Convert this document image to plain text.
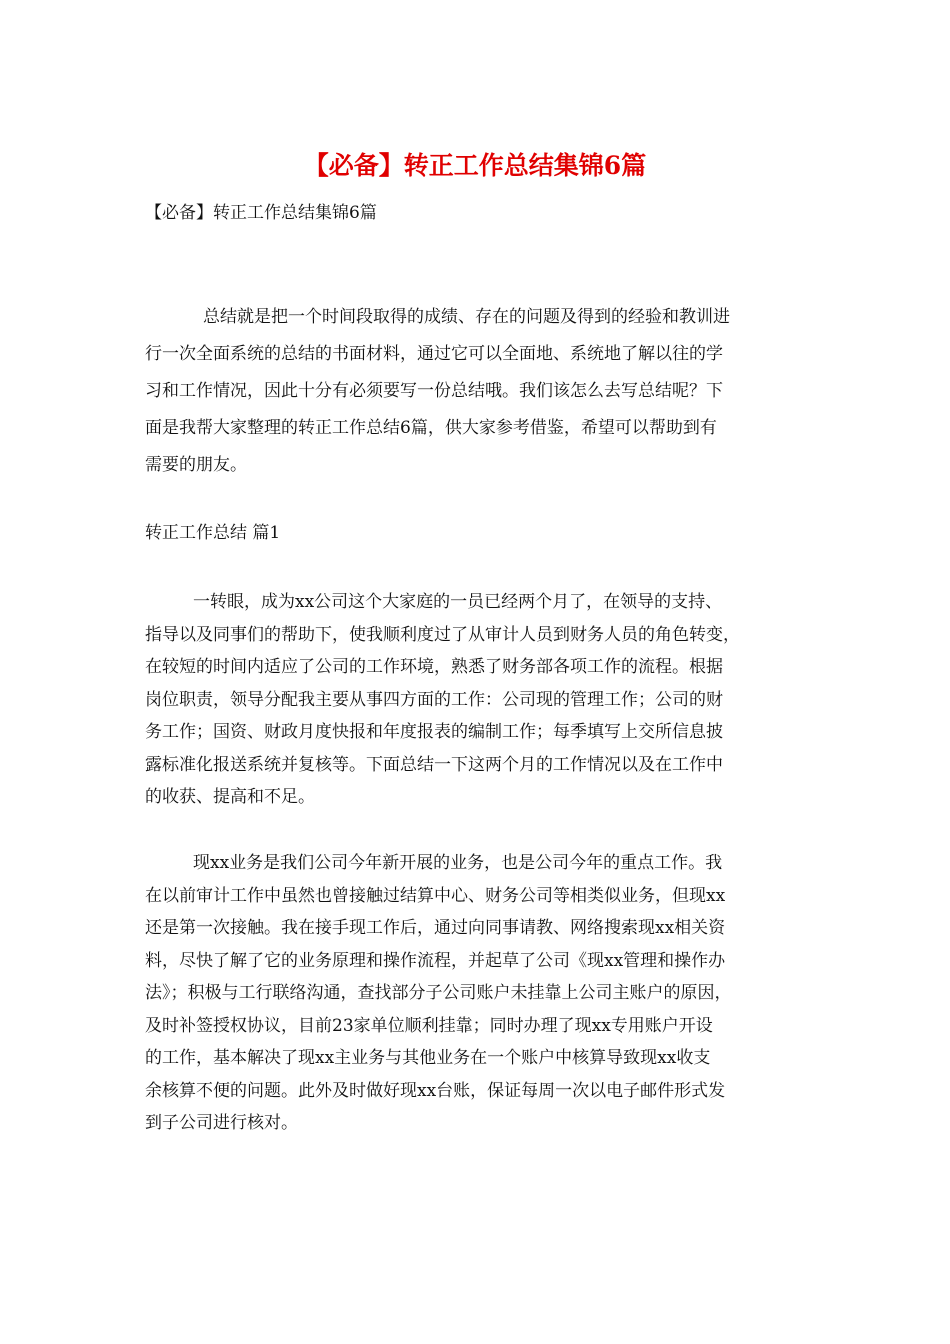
【必备】转正工作总结集锦6篇
【必备】转正工作总结集锦6篇
总结就是把一个时间段取得的成绩、存在的问题及得到的经验和教训进
行一次全面系统的总结的书面材料，通过它可以全面地、系统地了解以往的学
习和工作情况，因此十分有必须要写一份总结哦。我们该怎么去写总结呢？下
面是我帮大家整理的转正工作总结6篇，供大家参考借鉴，希望可以帮助到有
需要的朋友。
转正工作总结 篇1
一转眼，成为xx公司这个大家庭的一员已经两个月了，在领导的支持、
指导以及同事们的帮助下，使我顺利度过了从审计人员到财务人员的角色转变，
在较短的时间内适应了公司的工作环境，熟悉了财务部各项工作的流程。根据
岗位职责，领导分配我主要从事四方面的工作：公司现的管理工作；公司的财
务工作；国资、财政月度快报和年度报表的编制工作；每季填写上交所信息披
露标准化报送系统并复核等。下面总结一下这两个月的工作情况以及在工作中
的收获、提高和不足。
现xx业务是我们公司今年新开展的业务，也是公司今年的重点工作。我
在以前审计工作中虽然也曾接触过结算中心、财务公司等相类似业务，但现xx
还是第一次接触。我在接手现工作后，通过向同事请教、网络搜索现xx相关资
料，尽快了解了它的业务原理和操作流程，并起草了公司《现xx管理和操作办
法》；积极与工行联络沟通，查找部分子公司账户未挂靠上公司主账户的原因，
及时补签授权协议，目前23家单位顺利挂靠；同时办理了现xx专用账户开设
的工作，基本解决了现xx主业务与其他业务在一个账户中核算导致现xx收支
余核算不便的问题。此外及时做好现xx台账，保证每周一次以电子邮件形式发
到子公司进行核对。
